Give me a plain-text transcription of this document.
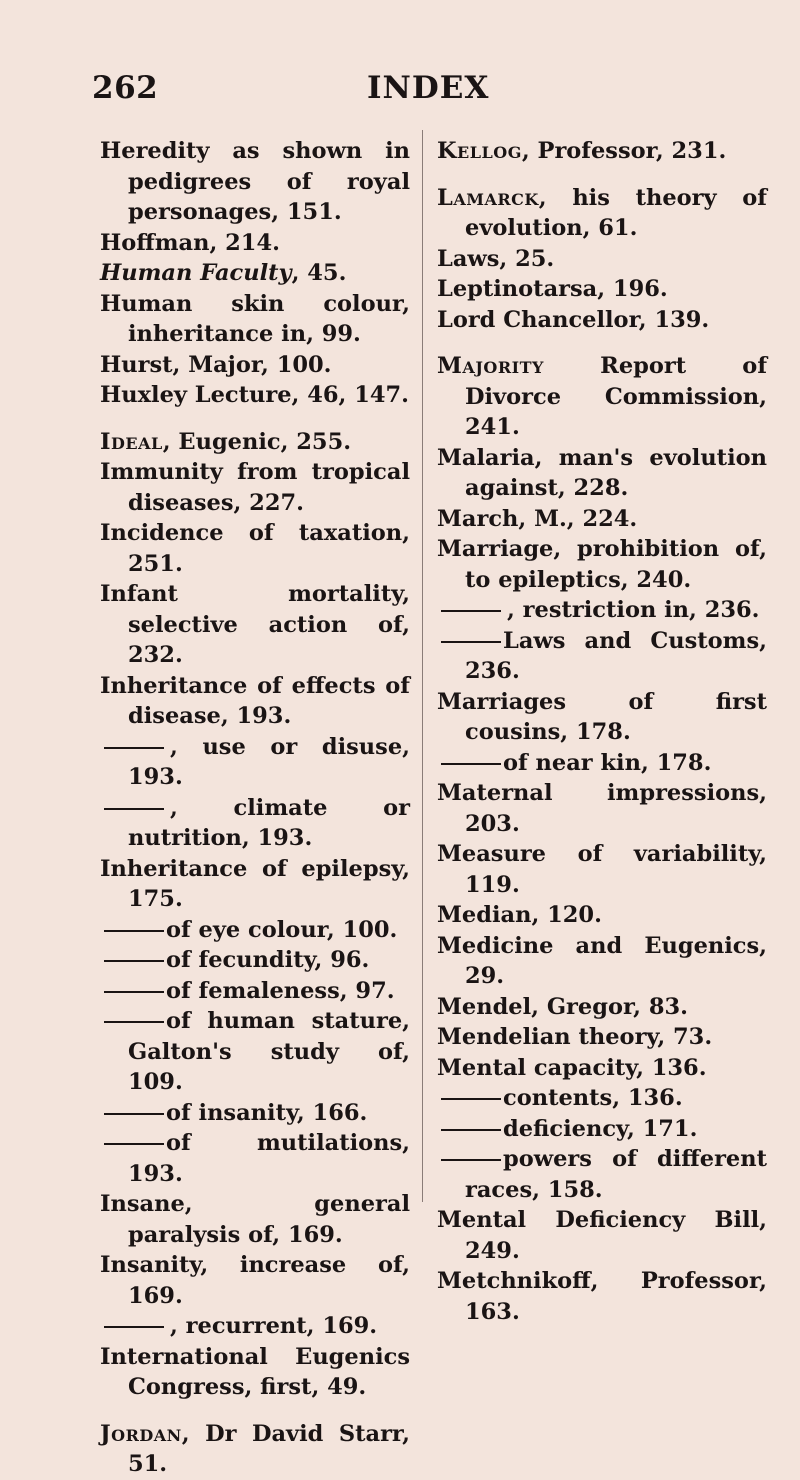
262	INDEX
Heredity as shown in pedigrees of royal personages, 151.
Hoffman, 214.
Human Faculty, 45.
Human skin colour, inheritance in, 99.
Hurst, Major, 100.
Huxley Lecture, 46, 147.
Ideal, Eugenic, 255.
Immunity from tropical diseases, 227.
Incidence of taxation, 251.
Infant mortality, selective action of, 232.
Inheritance of effects of disease, 193.
, use or disuse, 193.
, climate or nutrition, 193.
Inheritance of epilepsy, 175.
of eye colour, 100.
of fecundity, 96.
of femaleness, 97.
of human stature, Galton's study of, 109.
of insanity, 166.
of mutilations, 193.
Insane, general paralysis of, 169.
Insanity, increase of, 169.
, recurrent, 169.
International Eugenics Congress, first, 49.
Jordan, Dr David Starr, 51.
Kellog, Professor, 231.
Lamarck, his theory of evolution, 61.
Laws, 25.
Leptinotarsa, 196.
Lord Chancellor, 139.
Majority Report of Divorce Commission, 241.
Malaria, man's evolution against, 228.
March, M., 224.
Marriage, prohibition of, to epileptics, 240.
, restriction in, 236.
Laws and Customs, 236.
Marriages of first cousins, 178.
of near kin, 178.
Maternal impressions, 203.
Measure of variability, 119.
Median, 120.
Medicine and Eugenics, 29.
Mendel, Gregor, 83.
Mendelian theory, 73.
Mental capacity, 136.
contents, 136.
deficiency, 171.
powers of different races, 158.
Mental Deficiency Bill, 249.
Metchnikoff, Professor, 163.
